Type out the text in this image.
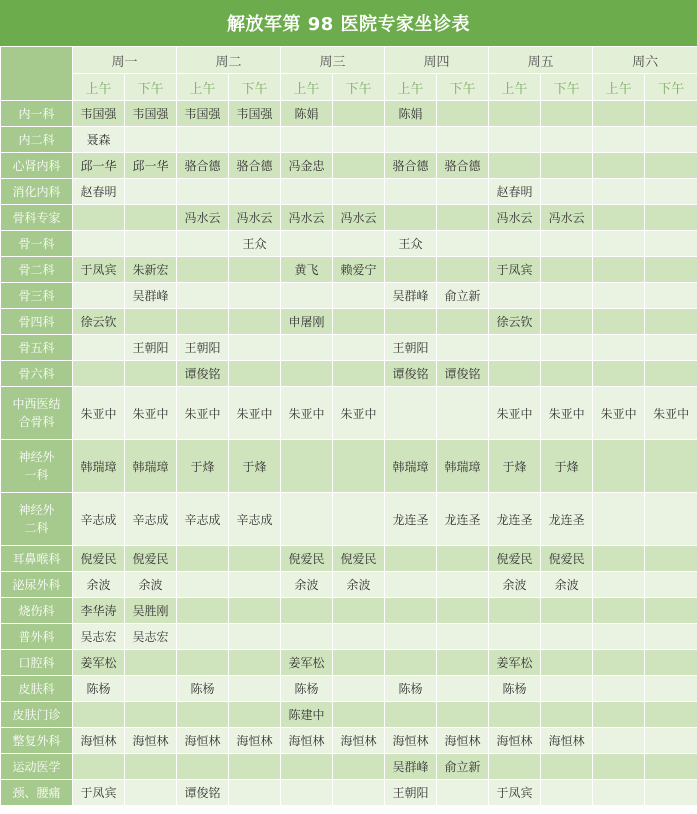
解放军第 98 医院专家坐诊表
	周一		周二		周三		周四		周五		周六	
	上午	下午	上午	下午	上午	下午	上午	下午	上午	下午	上午	下午
内一科	韦国强	韦国强	韦国强	韦国强	陈娟		陈娟					
内二科	聂森											
心肾内科	邱一华	邱一华	骆合德	骆合德	冯金忠		骆合德	骆合德				
消化内科	赵春明								赵春明			
骨科专家			冯水云	冯水云	冯水云	冯水云			冯水云	冯水云		
骨一科				王众			王众					
骨二科	于凤宾	朱新宏			黄飞	赖爱宁			于凤宾			
骨三科		吴群峰					吴群峰	俞立新				
骨四科	徐云钦				申屠刚				徐云钦			
骨五科		王朝阳	王朝阳				王朝阳					
骨六科			谭俊铭				谭俊铭	谭俊铭				

中西医结
合骨科	朱亚中	朱亚中	朱亚中	朱亚中	朱亚中	朱亚中			朱亚中	朱亚中	朱亚中	朱亚中

神经外
一科	韩瑞璋	韩瑞璋	于烽	于烽			韩瑞璋	韩瑞璋	于烽	于烽		

神经外
二科	辛志成	辛志成	辛志成	辛志成			龙连圣	龙连圣	龙连圣	龙连圣		
耳鼻喉科	倪爱民	倪爱民			倪爱民	倪爱民			倪爱民	倪爱民		
泌尿外科	余波	余波			余波	余波			余波	余波		
烧伤科	李华涛	吴胜刚										
普外科	吴志宏	吴志宏										
口腔科	姜军松				姜军松				姜军松			
皮肤科	陈杨		陈杨		陈杨		陈杨		陈杨			
皮肤门诊					陈建中							
整复外科	海恒林	海恒林	海恒林	海恒林	海恒林	海恒林	海恒林	海恒林	海恒林	海恒林		
运动医学							吴群峰	俞立新				
颈、腰痛	于凤宾		谭俊铭				王朝阳		于凤宾			
